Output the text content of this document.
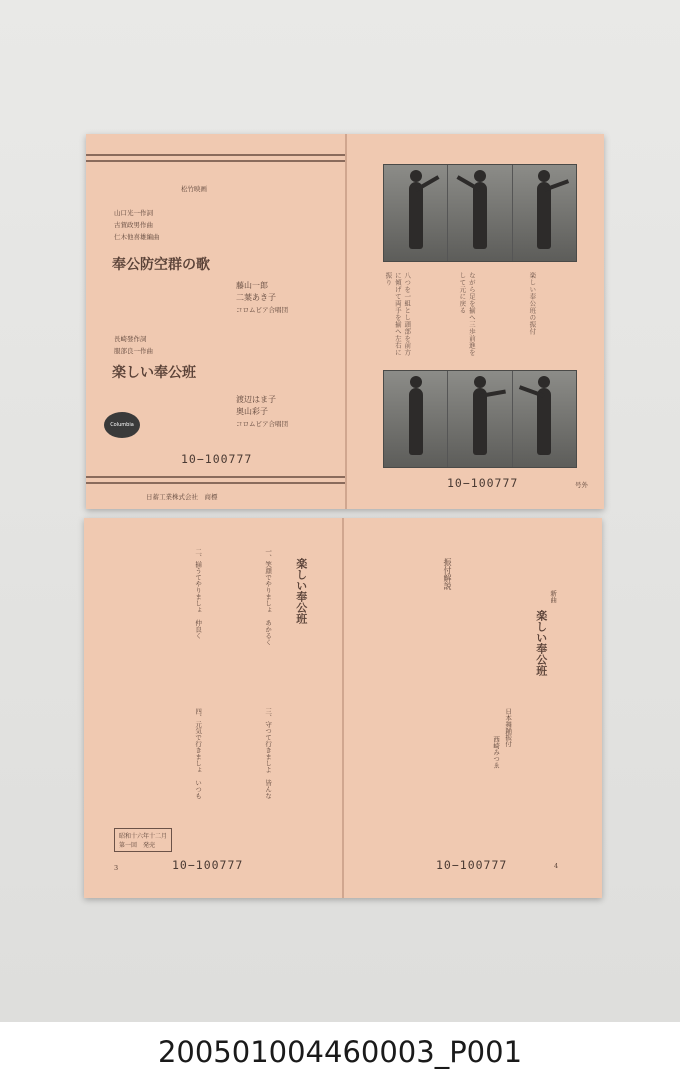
松竹映画
山口光一作詞
古賀政男作曲
仁木他喜雄編曲
奉公防空群の歌
藤山一郎
二葉あき子
コロムビア合唱団
長崎發作詞
服部良一作曲
楽しい奉公班
渡辺はま子
奥山彩子
コロムビア合唱団
Columbia
10−100777
日蓄工業株式会社　商標
八つを一組とし頭部を前方に傾げて両手を揃へ左右に振り	ながら足を揃へ三歩前進をして元に戻る	楽しい奉公班の振付
10−100777	号外
楽しい奉公班
一、笑顔でやりましょ　あかるく
二、揃うてやりましょ　仲良く
三、守つて行きましよ　皆んな
四、元気で行きましょ　いつも
昭和十六年十二月
第一回　発売
3	10−100777
新曲
楽しい奉公班
振付解説
日本舞踊振付
西崎みつゑ
10−100777	4
200501004460003_P001
